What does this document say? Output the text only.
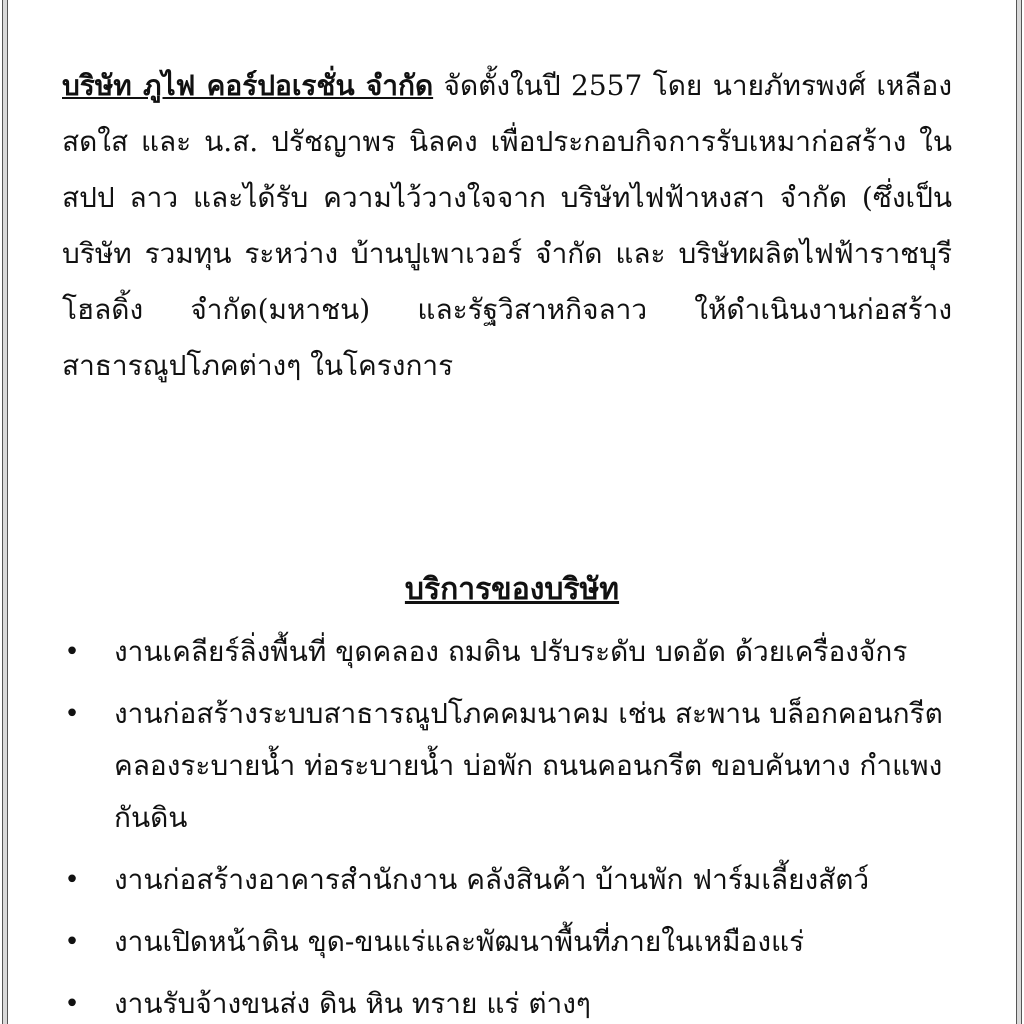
บริษัท ภูไฟ คอร์ปอเรชั่น จำกัด จัดตั้งในปี 2557 โดย นายภัทรพงศ์ เหลืองสดใส และ น.ส. ปรัชญาพร นิลคง เพื่อประกอบกิจการรับเหมาก่อสร้าง ใน สปป ลาว และได้รับ ความไว้วางใจจาก บริษัทไฟฟ้าหงสา จำกัด (ซึ่งเป็น บริษัท รวมทุน ระหว่าง บ้านปูเพาเวอร์ จำกัด และ บริษัทผลิตไฟฟ้าราชบุรี โฮลดิ้ง จำกัด(มหาชน) และรัฐวิสาหกิจลาว ให้ดำเนินงานก่อสร้างสาธารณูปโภคต่างๆ ในโครงการ

บริการของบริษัท
• งานเคลียร์ลิ่งพื้นที่ ขุดคลอง ถมดิน ปรับระดับ บดอัด ด้วยเครื่องจักร
• งานก่อสร้างระบบสาธารณูปโภคคมนาคม เช่น สะพาน บล็อกคอนกรีต คลองระบายน้ำ ท่อระบายน้ำ บ่อพัก ถนนคอนกรีต ขอบคันทาง กำแพงกันดิน
• งานก่อสร้างอาคารสำนักงาน คลังสินค้า บ้านพัก ฟาร์มเลี้ยงสัตว์
• งานเปิดหน้าดิน ขุด-ขนแร่และพัฒนาพื้นที่ภายในเหมืองแร่
• งานรับจ้างขนส่ง ดิน หิน ทราย แร่ ต่างๆ
